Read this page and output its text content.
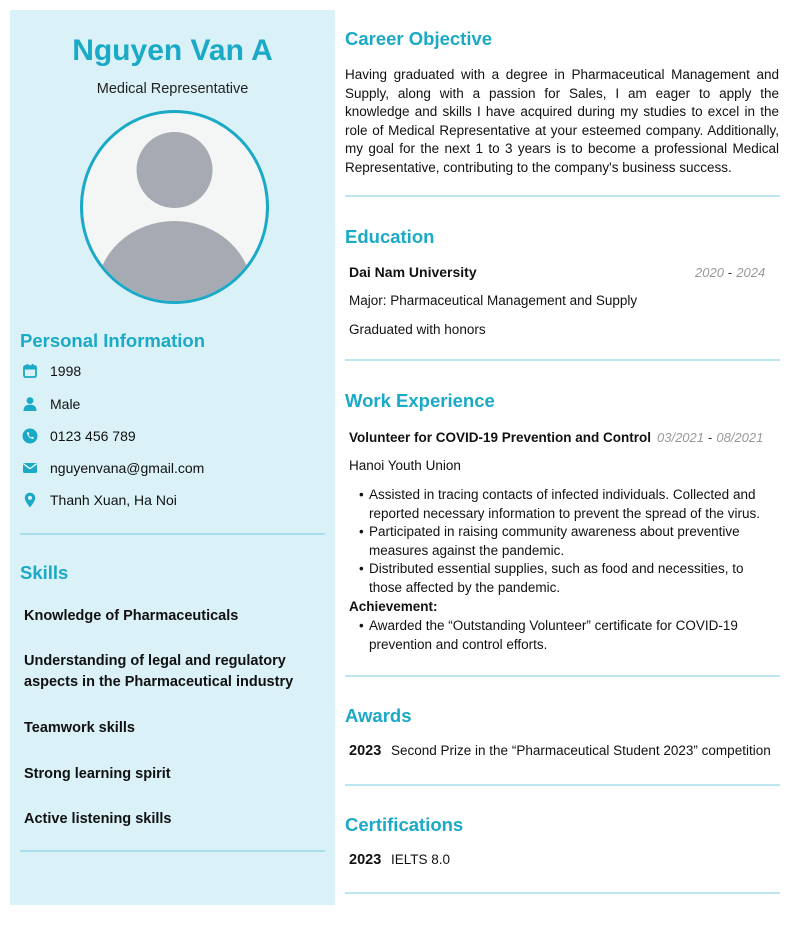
Nguyen Van A
Medical Representative
Personal Information
1998
Male
0123 456 789
nguyenvana@gmail.com
Thanh Xuan, Ha Noi
Skills
Knowledge of Pharmaceuticals
Understanding of legal and regulatory aspects in the Pharmaceutical industry
Teamwork skills
Strong learning spirit
Active listening skills
Career Objective
Having graduated with a degree in Pharmaceutical Management and Supply, along with a passion for Sales, I am eager to apply the knowledge and skills I have acquired during my studies to excel in the role of Medical Representative at your esteemed company. Additionally, my goal for the next 1 to 3 years is to become a professional Medical Representative, contributing to the company's business success.
Education
Dai Nam University	2020 - 2024
Major: Pharmaceutical Management and Supply
Graduated with honors
Work Experience
Volunteer for COVID-19 Prevention and Control 03/2021 - 08/2021
Hanoi Youth Union
• Assisted in tracing contacts of infected individuals. Collected and reported necessary information to prevent the spread of the virus.
• Participated in raising community awareness about preventive measures against the pandemic.
• Distributed essential supplies, such as food and necessities, to those affected by the pandemic.
Achievement:
• Awarded the “Outstanding Volunteer” certificate for COVID-19 prevention and control efforts.
Awards
2023 Second Prize in the “Pharmaceutical Student 2023” competition
Certifications
2023 IELTS 8.0
